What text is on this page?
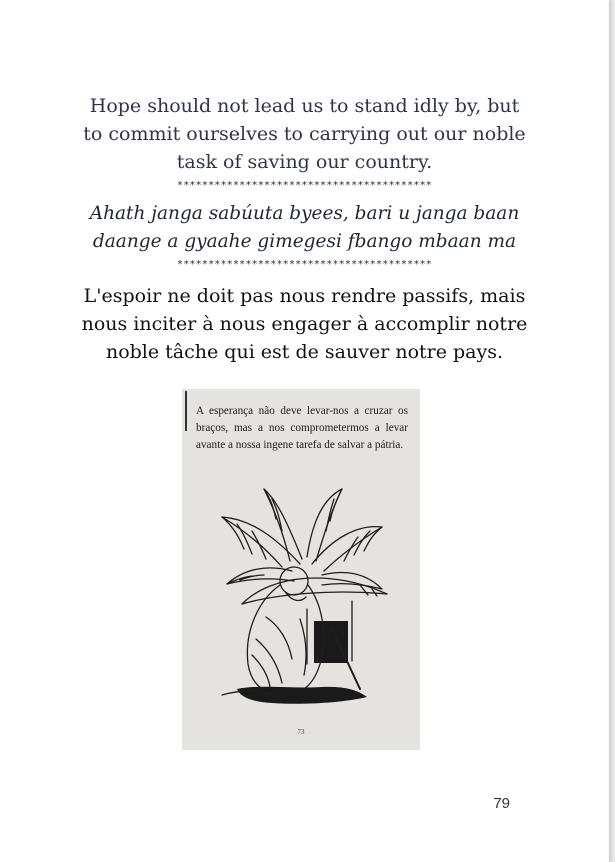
Hope should not lead us to stand idly by, but
to commit ourselves to carrying out our noble
task of saving our country.
*****************************************
Ahath janga sabúuta byees, bari u janga baan
daange a gyaahe gimegesi fbango mbaan ma
*****************************************
L'espoir ne doit pas nous rendre passifs, mais
nous inciter à nous engager à accomplir notre
noble tâche qui est de sauver notre pays.
A esperança não deve levar-nos a cruzar os braços, mas a nos comprometermos a levar avante a nossa ingene tarefa de salvar a pátria.
73
79
